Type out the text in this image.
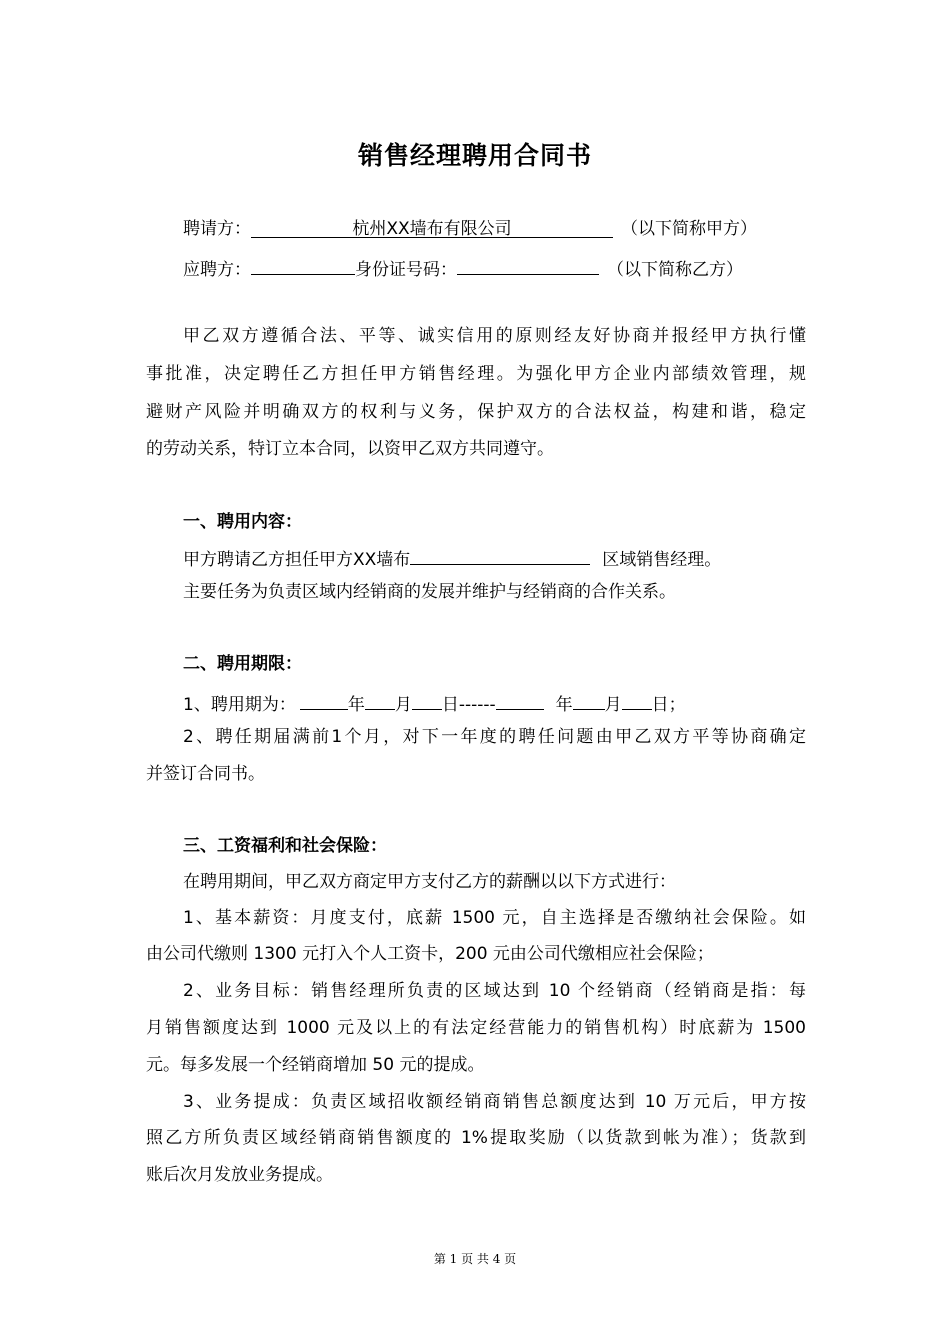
销售经理聘用合同书
聘请方：	杭州XX墙布有限公司	（以下简称甲方）
应聘方：	身份证号码：	（以下简称乙方）
甲乙双方遵循合法、平等、诚实信用的原则经友好协商并报经甲方执行懂
事批准，决定聘任乙方担任甲方销售经理。为强化甲方企业内部绩效管理，规
避财产风险并明确双方的权利与义务，保护双方的合法权益，构建和谐，稳定
的劳动关系，特订立本合同，以资甲乙双方共同遵守。
一、聘用内容：
甲方聘请乙方担任甲方XX墙布	区域销售经理。
主要任务为负责区域内经销商的发展并维护与经销商的合作关系。
二、聘用期限：
1、聘用期为：	年 月 日------	年 月 日；
2、聘任期届满前1个月，对下一年度的聘任问题由甲乙双方平等协商确定
并签订合同书。
三、工资福利和社会保险：
在聘用期间，甲乙双方商定甲方支付乙方的薪酬以以下方式进行：
1、基本薪资：月度支付，底薪 1500 元，自主选择是否缴纳社会保险。如
由公司代缴则 1300 元打入个人工资卡，200 元由公司代缴相应社会保险；
2、业务目标：销售经理所负责的区域达到 10 个经销商（经销商是指：每
月销售额度达到 1000 元及以上的有法定经营能力的销售机构）时底薪为 1500
元。每多发展一个经销商增加 50 元的提成。
3、业务提成：负责区域招收额经销商销售总额度达到 10 万元后，甲方按
照乙方所负责区域经销商销售额度的 1%提取奖励（以货款到帐为准）；货款到
账后次月发放业务提成。
第 1 页 共 4 页
